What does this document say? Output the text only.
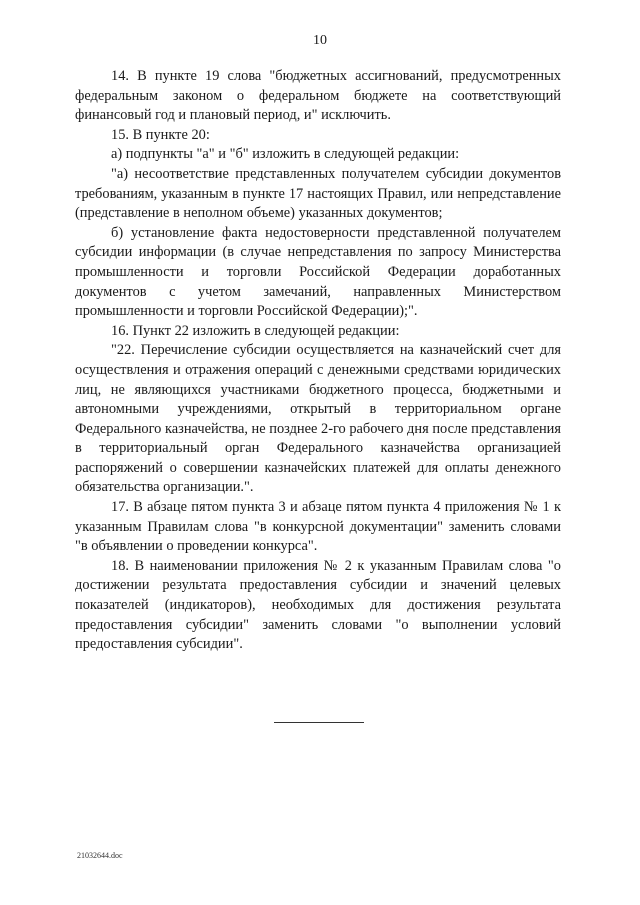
10

14. В пункте 19 слова "бюджетных ассигнований, предусмотренных федеральным законом о федеральном бюджете на соответствующий финансовый год и плановый период, и" исключить.

15. В пункте 20:

а) подпункты "а" и "б" изложить в следующей редакции:

"а) несоответствие представленных получателем субсидии документов требованиям, указанным в пункте 17 настоящих Правил, или непредставление (представление в неполном объеме) указанных документов;

б) установление факта недостоверности представленной получателем субсидии информации (в случае непредставления по запросу Министерства промышленности и торговли Российской Федерации доработанных документов с учетом замечаний, направленных Министерством промышленности и торговли Российской Федерации);".

16. Пункт 22 изложить в следующей редакции:

"22. Перечисление субсидии осуществляется на казначейский счет для осуществления и отражения операций с денежными средствами юридических лиц, не являющихся участниками бюджетного процесса, бюджетными и автономными учреждениями, открытый в территориальном органе Федерального казначейства, не позднее 2-го рабочего дня после представления в территориальный орган Федерального казначейства организацией распоряжений о совершении казначейских платежей для оплаты денежного обязательства организации.".

17. В абзаце пятом пункта 3 и абзаце пятом пункта 4 приложения № 1 к указанным Правилам слова "в конкурсной документации" заменить словами "в объявлении о проведении конкурса".

18. В наименовании приложения № 2 к указанным Правилам слова "о достижении результата предоставления субсидии и значений целевых показателей (индикаторов), необходимых для достижения результата предоставления субсидии" заменить словами "о выполнении условий предоставления субсидии".

21032644.doc
